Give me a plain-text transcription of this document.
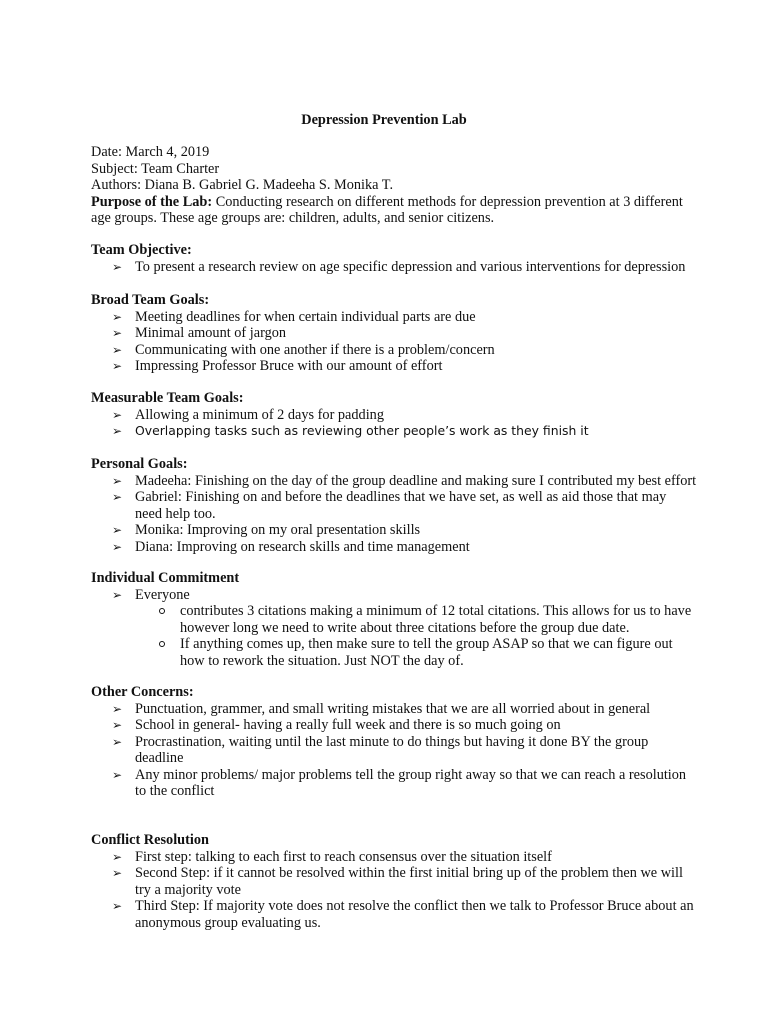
Depression Prevention Lab
Date: March 4, 2019
Subject: Team Charter
Authors: Diana B. Gabriel G. Madeeha S. Monika T.
Purpose of the Lab: Conducting research on different methods for depression prevention at 3 different
age groups. These age groups are: children, adults, and senior citizens.
Team Objective:
➢ To present a research review on age specific depression and various interventions for depression
Broad Team Goals:
➢ Meeting deadlines for when certain individual parts are due
➢ Minimal amount of jargon
➢ Communicating with one another if there is a problem/concern
➢ Impressing Professor Bruce with our amount of effort
Measurable Team Goals:
➢ Allowing a minimum of 2 days for padding
➢ Overlapping tasks such as reviewing other people’s work as they finish it
Personal Goals:
➢ Madeeha: Finishing on the day of the group deadline and making sure I contributed my best effort
➢ Gabriel: Finishing on and before the deadlines that we have set, as well as aid those that may
need help too.
➢ Monika: Improving on my oral presentation skills
➢ Diana: Improving on research skills and time management
Individual Commitment
➢ Everyone
contributes 3 citations making a minimum of 12 total citations. This allows for us to have
however long we need to write about three citations before the group due date.
If anything comes up, then make sure to tell the group ASAP so that we can figure out
how to rework the situation. Just NOT the day of.
Other Concerns:
➢ Punctuation, grammer, and small writing mistakes that we are all worried about in general
➢ School in general- having a really full week and there is so much going on
➢ Procrastination, waiting until the last minute to do things but having it done BY the group
deadline
➢ Any minor problems/ major problems tell the group right away so that we can reach a resolution
to the conflict
Conflict Resolution
➢ First step: talking to each first to reach consensus over the situation itself
➢ Second Step: if it cannot be resolved within the first initial bring up of the problem then we will
try a majority vote
➢ Third Step: If majority vote does not resolve the conflict then we talk to Professor Bruce about an
anonymous group evaluating us.
